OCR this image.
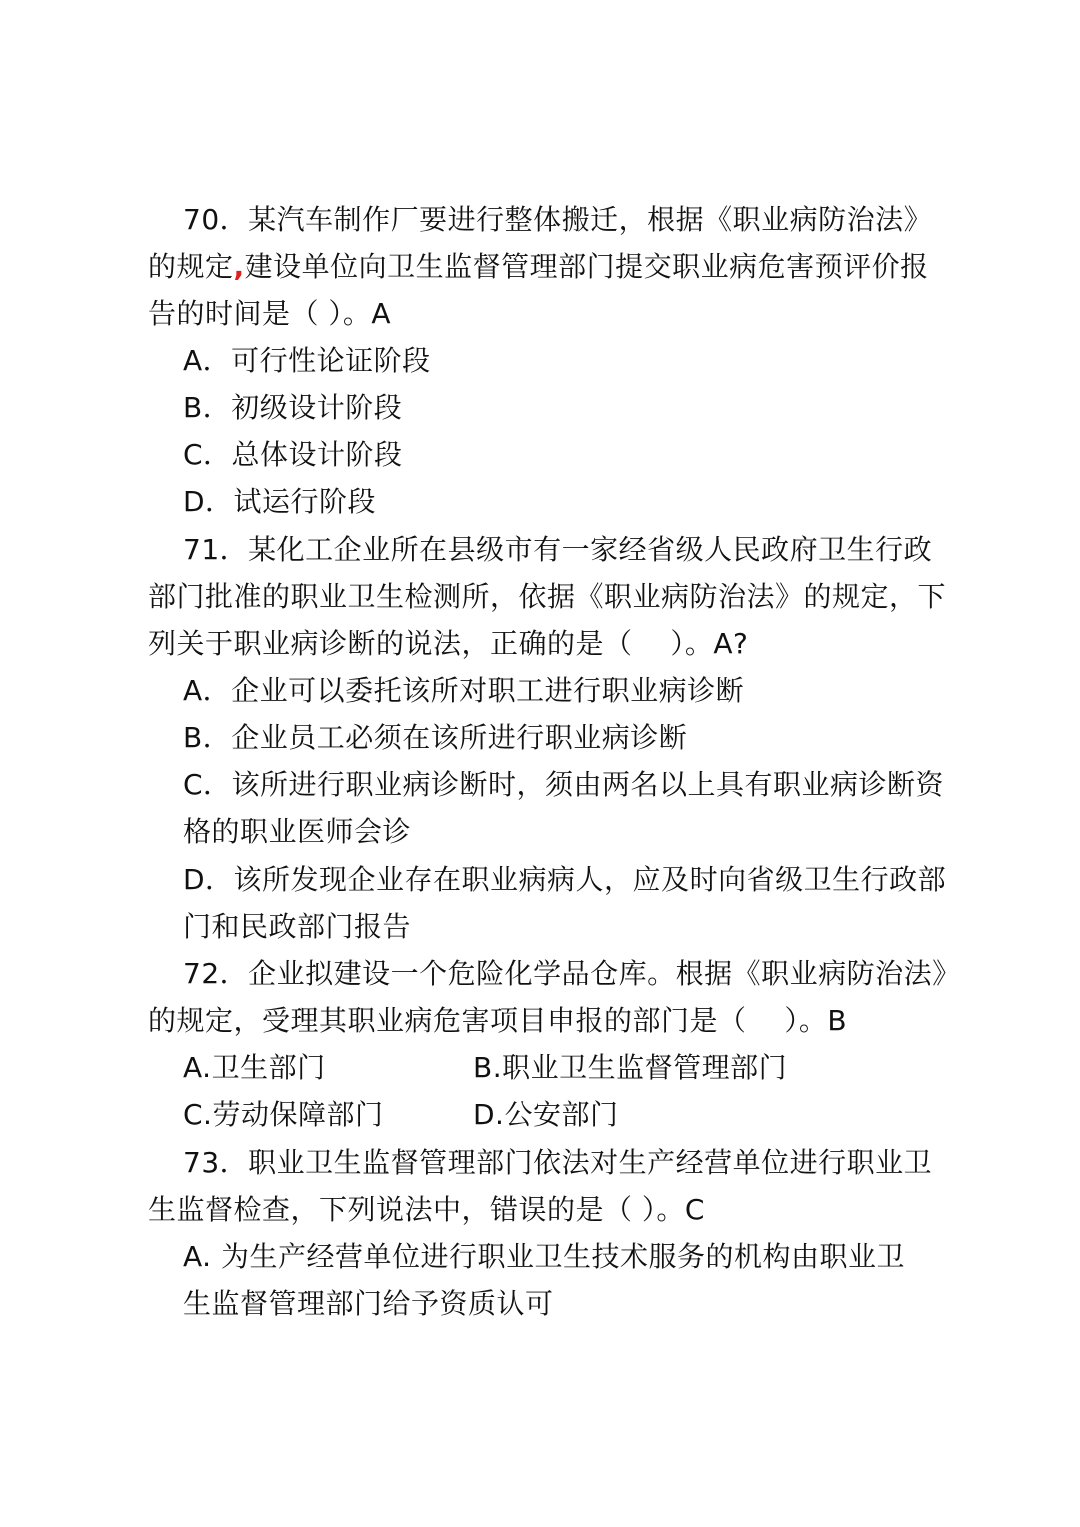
70．某汽车制作厂要进行整体搬迁，根据《职业病防治法》
的规定,建设单位向卫生监督管理部门提交职业病危害预评价报
告的时间是（ ）。A
A．可行性论证阶段
B．初级设计阶段
C．总体设计阶段
D．试运行阶段
71．某化工企业所在县级市有一家经省级人民政府卫生行政
部门批准的职业卫生检测所，依据《职业病防治法》的规定，下
列关于职业病诊断的说法，正确的是（　 ）。A?
A．企业可以委托该所对职工进行职业病诊断
B．企业员工必须在该所进行职业病诊断
C．该所进行职业病诊断时，须由两名以上具有职业病诊断资
格的职业医师会诊
D．该所发现企业存在职业病病人，应及时向省级卫生行政部
门和民政部门报告
72．企业拟建设一个危险化学品仓库。根据《职业病防治法》
的规定，受理其职业病危害项目申报的部门是（　 ）。B
A.卫生部门	B.职业卫生监督管理部门
C.劳动保障部门	D.公安部门
73．职业卫生监督管理部门依法对生产经营单位进行职业卫
生监督检查，下列说法中，错误的是（ ）。C
A. 为生产经营单位进行职业卫生技术服务的机构由职业卫
生监督管理部门给予资质认可
